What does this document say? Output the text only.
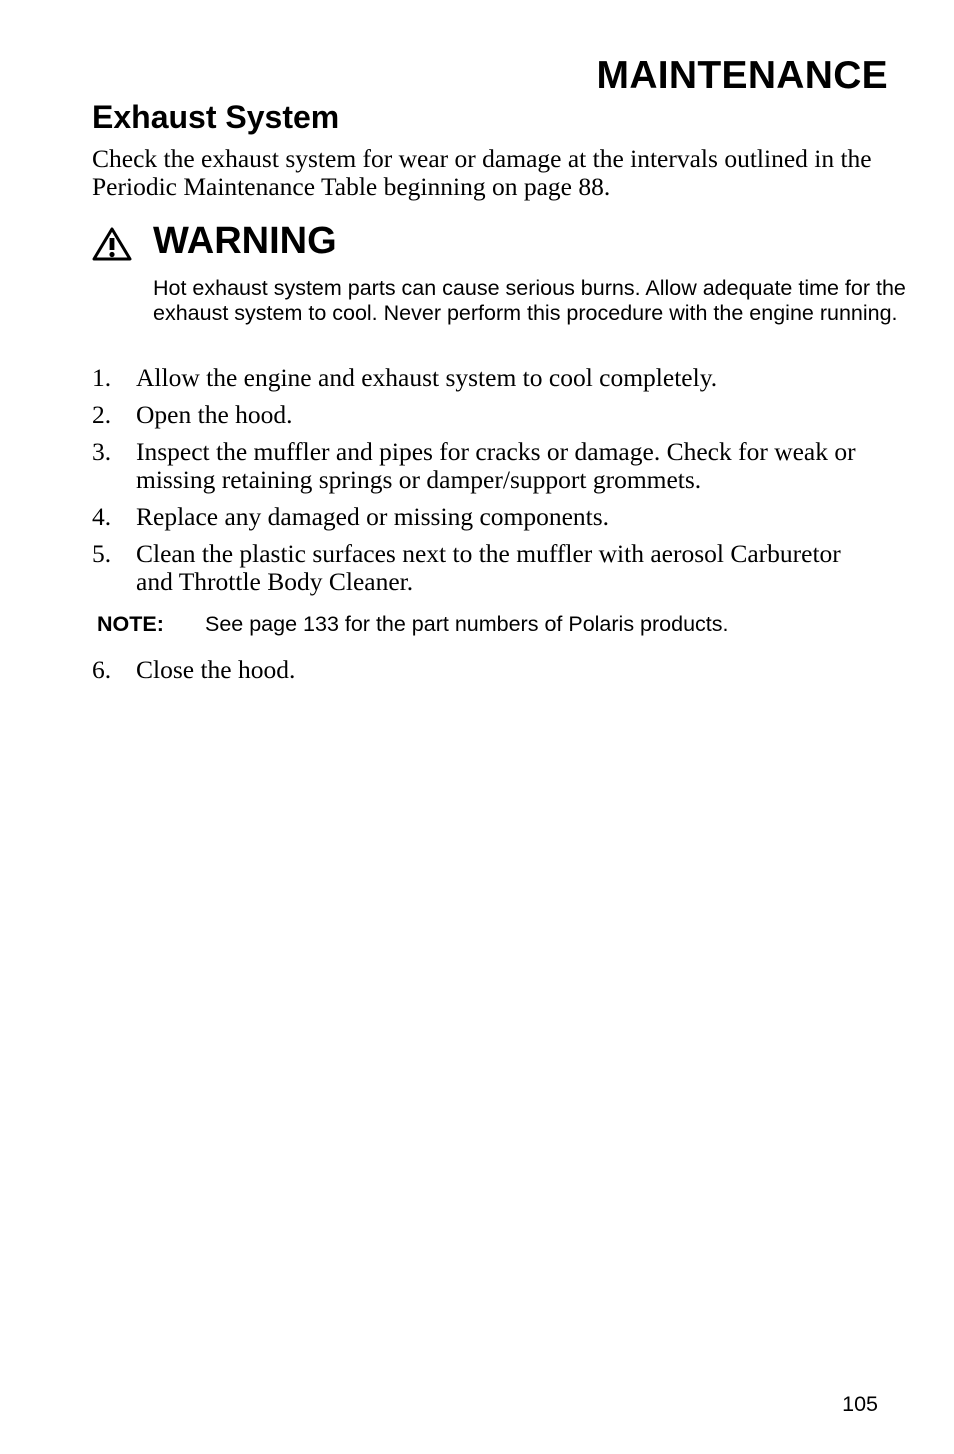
MAINTENANCE
Exhaust System

Check the exhaust system for wear or damage at the intervals outlined in the Periodic Maintenance Table beginning on page 88.

WARNING

Hot exhaust system parts can cause serious burns. Allow adequate time for the exhaust system to cool. Never perform this procedure with the engine running.

1. Allow the engine and exhaust system to cool completely.
2. Open the hood.
3. Inspect the muffler and pipes for cracks or damage. Check for weak or missing retaining springs or damper/support grommets.
4. Replace any damaged or missing components.
5. Clean the plastic surfaces next to the muffler with aerosol Carburetor and Throttle Body Cleaner.
NOTE: See page 133 for the part numbers of Polaris products.
6. Close the hood.
105
